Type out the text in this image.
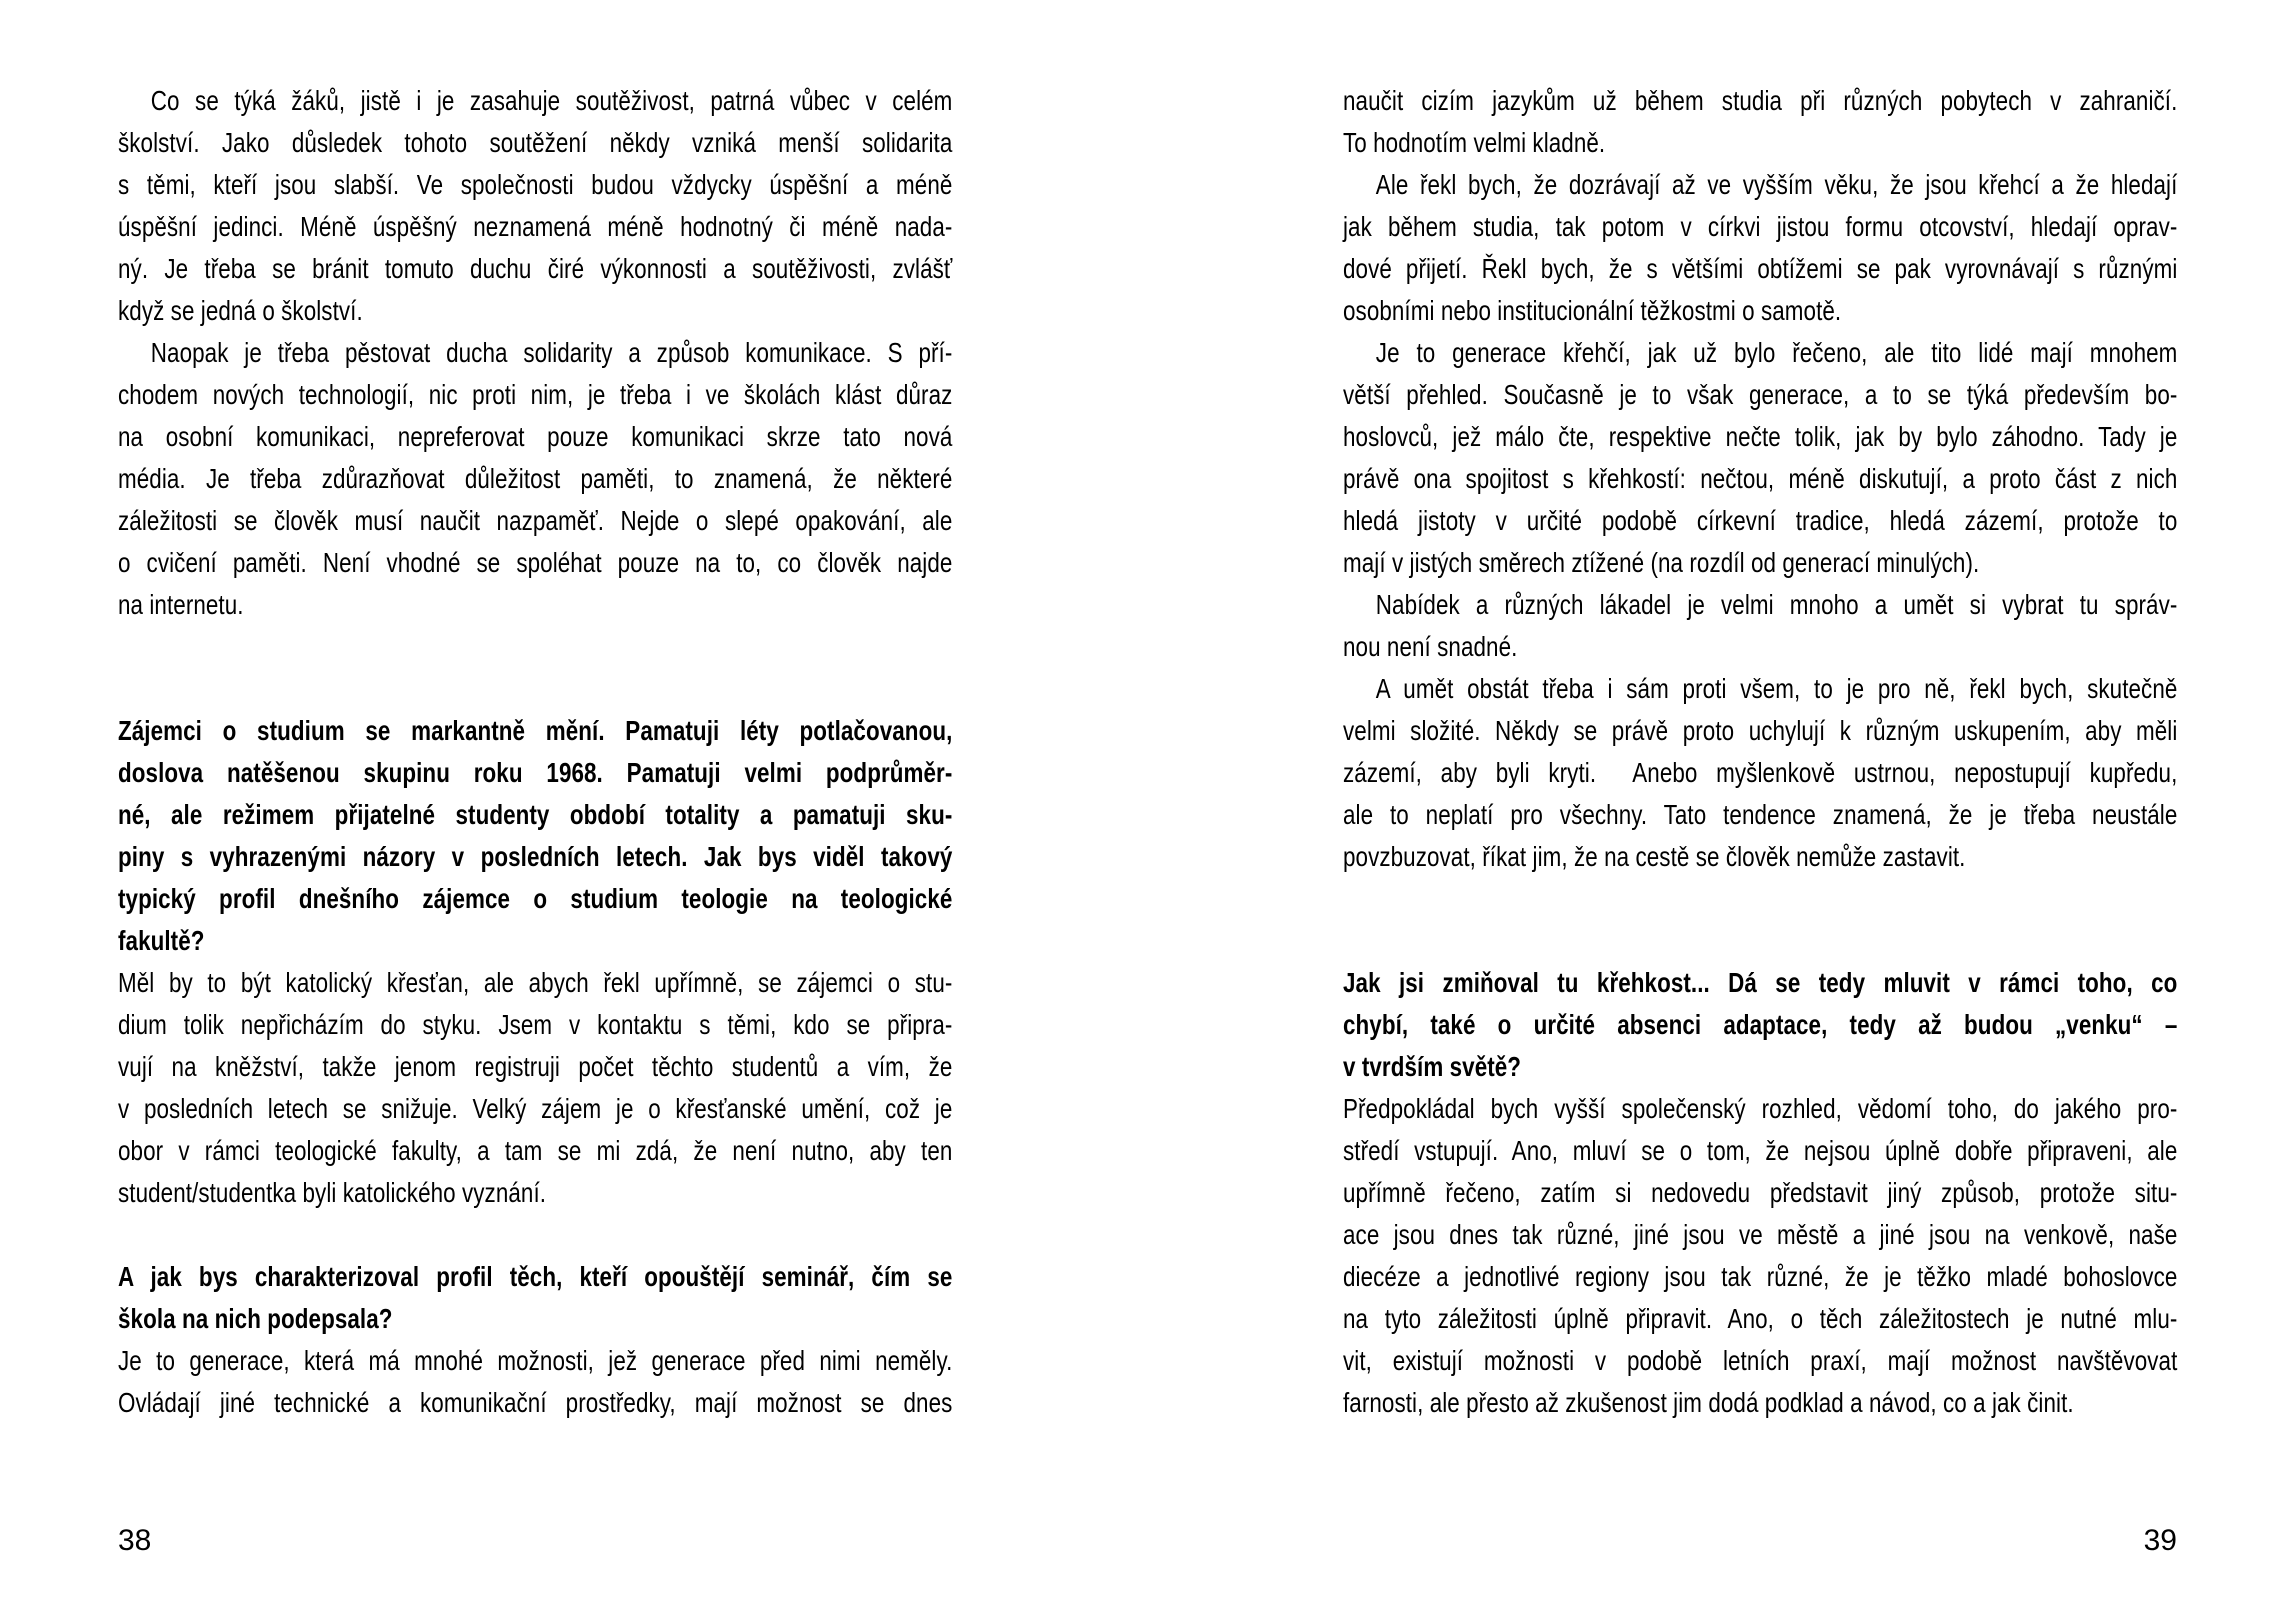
Co se týká žáků, jistě i je zasahuje soutěživost, patrná vůbec v celém
školství. Jako důsledek tohoto soutěžení někdy vzniká menší solidarita
s těmi, kteří jsou slabší. Ve společnosti budou vždycky úspěšní a méně
úspěšní jedinci. Méně úspěšný neznamená méně hodnotný či méně nada-
ný. Je třeba se bránit tomuto duchu čiré výkonnosti a soutěživosti, zvlášť
když se jedná o školství.
Naopak je třeba pěstovat ducha solidarity a způsob komunikace. S pří-
chodem nových technologií, nic proti nim, je třeba i ve školách klást důraz
na osobní komunikaci, nepreferovat pouze komunikaci skrze tato nová
média. Je třeba zdůrazňovat důležitost paměti, to znamená, že některé
záležitosti se člověk musí naučit nazpaměť. Nejde o slepé opakování, ale
o cvičení paměti. Není vhodné se spoléhat pouze na to, co člověk najde
na internetu.
Zájemci o studium se markantně mění. Pamatuji léty potlačovanou,
doslova natěšenou skupinu roku 1968. Pamatuji velmi podprůměr-
né, ale režimem přijatelné studenty období totality a pamatuji sku-
piny s vyhrazenými názory v posledních letech. Jak bys viděl takový
typický profil dnešního zájemce o studium teologie na teologické
fakultě?
Měl by to být katolický křesťan, ale abych řekl upřímně, se zájemci o stu-
dium tolik nepřicházím do styku. Jsem v kontaktu s těmi, kdo se připra-
vují na kněžství, takže jenom registruji počet těchto studentů a vím, že
v posledních letech se snižuje. Velký zájem je o křesťanské umění, což je
obor v rámci teologické fakulty, a tam se mi zdá, že není nutno, aby ten
student/studentka byli katolického vyznání.
A jak bys charakterizoval profil těch, kteří opouštějí seminář, čím se
škola na nich podepsala?
Je to generace, která má mnohé možnosti, jež generace před nimi neměly.
Ovládají jiné technické a komunikační prostředky, mají možnost se dnes
38
naučit cizím jazykům už během studia při různých pobytech v zahraničí.
To hodnotím velmi kladně.
Ale řekl bych, že dozrávají až ve vyšším věku, že jsou křehcí a že hledají
jak během studia, tak potom v církvi jistou formu otcovství, hledají oprav-
dové přijetí. Řekl bych, že s většími obtížemi se pak vyrovnávají s různými
osobními nebo institucionální těžkostmi o samotě.
Je to generace křehčí, jak už bylo řečeno, ale tito lidé mají mnohem
větší přehled. Současně je to však generace, a to se týká především bo-
hoslovců, jež málo čte, respektive nečte tolik, jak by bylo záhodno. Tady je
právě ona spojitost s křehkostí: nečtou, méně diskutují, a proto část z nich
hledá jistoty v určité podobě církevní tradice, hledá zázemí, protože to
mají v jistých směrech ztížené (na rozdíl od generací minulých).
Nabídek a různých lákadel je velmi mnoho a umět si vybrat tu správ-
nou není snadné.
A umět obstát třeba i sám proti všem, to je pro ně, řekl bych, skutečně
velmi složité. Někdy se právě proto uchylují k různým uskupením, aby měli
zázemí, aby byli kryti.  Anebo myšlenkově ustrnou, nepostupují kupředu,
ale to neplatí pro všechny. Tato tendence znamená, že je třeba neustále
povzbuzovat, říkat jim, že na cestě se člověk nemůže zastavit.
Jak jsi zmiňoval tu křehkost... Dá se tedy mluvit v rámci toho, co
chybí, také o určité absenci adaptace, tedy až budou „venku“ –
v tvrdším světě?
Předpokládal bych vyšší společenský rozhled, vědomí toho, do jakého pro-
středí vstupují. Ano, mluví se o tom, že nejsou úplně dobře připraveni, ale
upřímně řečeno, zatím si nedovedu představit jiný způsob, protože situ-
ace jsou dnes tak různé, jiné jsou ve městě a jiné jsou na venkově, naše
diecéze a jednotlivé regiony jsou tak různé, že je těžko mladé bohoslovce
na tyto záležitosti úplně připravit. Ano, o těch záležitostech je nutné mlu-
vit, existují možnosti v podobě letních praxí, mají možnost navštěvovat
farnosti, ale přesto až zkušenost jim dodá podklad a návod, co a jak činit.
39
